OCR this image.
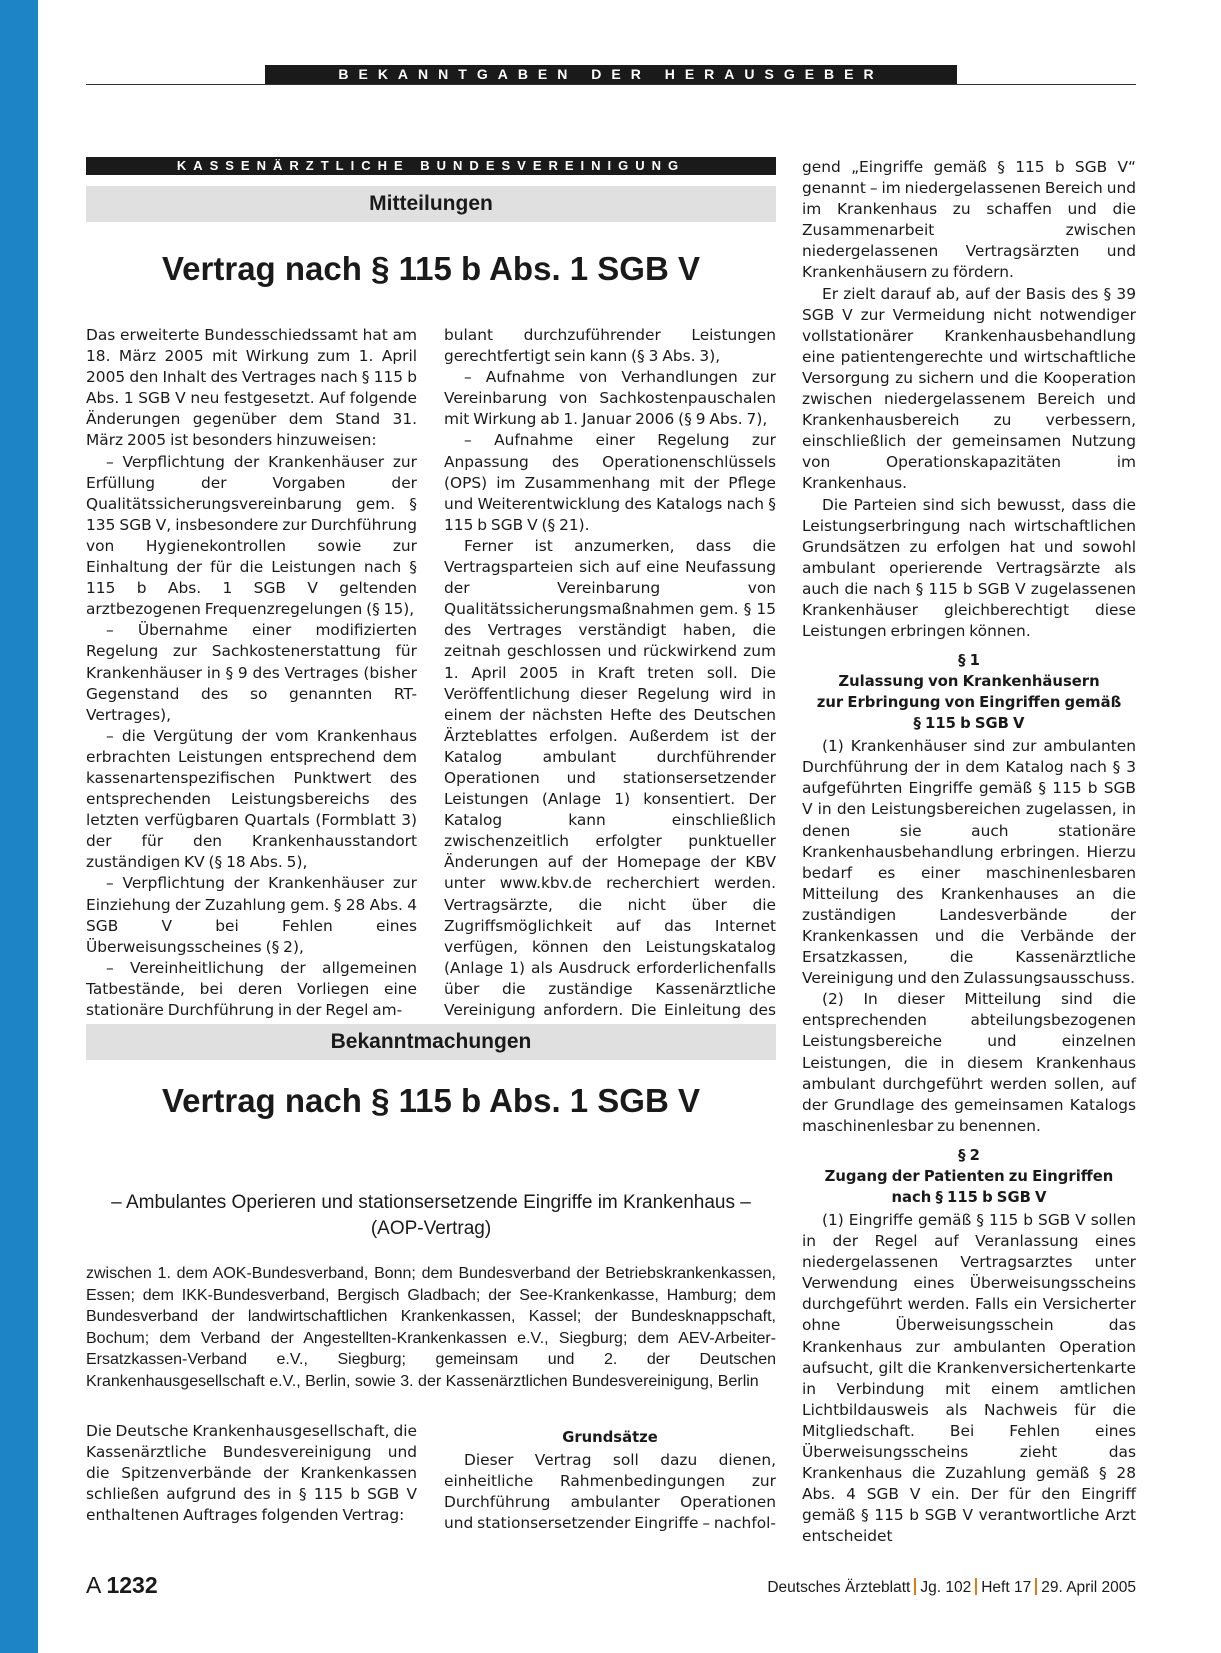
BEKANNTGABEN DER HERAUSGEBER
KASSENÄRZTLICHE BUNDESVEREINIGUNG
Mitteilungen
Vertrag nach § 115 b Abs. 1 SGB V

Das erweiterte Bundesschiedssamt hat am 18. März 2005 mit Wirkung zum 1. April 2005 den Inhalt des Vertrages nach § 115 b Abs. 1 SGB V neu festgesetzt. Auf folgende Änderungen gegenüber dem Stand 31. März 2005 ist besonders hinzuweisen:

– Verpflichtung der Krankenhäuser zur Erfüllung der Vorgaben der Qualitätssicherungsvereinbarung gem. § 135 SGB V, insbesondere zur Durchführung von Hygienekontrollen sowie zur Einhaltung der für die Leistungen nach § 115 b Abs. 1 SGB V geltenden arztbezogenen Frequenzregelungen (§ 15),

– Übernahme einer modifizierten Regelung zur Sachkostenerstattung für Krankenhäuser in § 9 des Vertrages (bisher Gegenstand des so genannten RT-Vertrages),

– die Vergütung der vom Krankenhaus erbrachten Leistungen entsprechend dem kassenartenspezifischen Punktwert des entsprechenden Leistungsbereichs des letzten verfügbaren Quartals (Formblatt 3) der für den Krankenhausstandort zuständigen KV (§ 18 Abs. 5),

– Verpflichtung der Krankenhäuser zur Einziehung der Zuzahlung gem. § 28 Abs. 4 SGB V bei Fehlen eines Überweisungsscheines (§ 2),

– Vereinheitlichung der allgemeinen Tatbestände, bei deren Vorliegen eine stationäre Durchführung in der Regel am-

bulant durchzuführender Leistungen gerechtfertigt sein kann (§ 3 Abs. 3),

– Aufnahme von Verhandlungen zur Vereinbarung von Sachkostenpauschalen mit Wirkung ab 1. Januar 2006 (§ 9 Abs. 7),

– Aufnahme einer Regelung zur Anpassung des Operationenschlüssels (OPS) im Zusammenhang mit der Pflege und Weiterentwicklung des Katalogs nach § 115 b SGB V (§ 21).

Ferner ist anzumerken, dass die Vertragsparteien sich auf eine Neufassung der Vereinbarung von Qualitätssicherungsmaßnahmen gem. § 15 des Vertrages verständigt haben, die zeitnah geschlossen und rückwirkend zum 1. April 2005 in Kraft treten soll. Die Veröffentlichung dieser Regelung wird in einem der nächsten Hefte des Deutschen Ärzteblattes erfolgen. Außerdem ist der Katalog ambulant durchführender Operationen und stationsersetzender Leistungen (Anlage 1) konsentiert. Der Katalog kann einschließlich zwischenzeitlich erfolgter punktueller Änderungen auf der Homepage der KBV unter www.kbv.de recherchiert werden. Vertragsärzte, die nicht über die Zugriffsmöglichkeit auf das Internet verfügen, können den Leistungskatalog (Anlage 1) als Ausdruck erforderlichenfalls über die zuständige Kassenärztliche Vereinigung anfordern. Die Einleitung des

Bekanntmachungen
Vertrag nach § 115 b Abs. 1 SGB V
– Ambulantes Operieren und stationsersetzende Eingriffe im Krankenhaus –
(AOP-Vertrag)
zwischen 1. dem AOK-Bundesverband, Bonn; dem Bundesverband der Betriebskrankenkassen, Essen; dem IKK-Bundesverband, Bergisch Gladbach; der See-Krankenkasse, Hamburg; dem Bundesverband der landwirtschaftlichen Krankenkassen, Kassel; der Bundesknappschaft, Bochum; dem Verband der Angestellten-Krankenkassen e.V., Siegburg; dem AEV-Arbeiter-Ersatzkassen-Verband e.V., Siegburg; gemeinsam und 2. der Deutschen Krankenhausgesellschaft e.V., Berlin, sowie 3. der Kassenärztlichen Bundesvereinigung, Berlin

Die Deutsche Krankenhausgesellschaft, die Kassenärztliche Bundesvereinigung und die Spitzenverbände der Krankenkassen schließen aufgrund des in § 115 b SGB V enthaltenen Auftrages folgenden Vertrag:

Grundsätze

Dieser Vertrag soll dazu dienen, einheitliche Rahmenbedingungen zur Durchführung ambulanter Operationen und stationsersetzender Eingriffe – nachfol-

gend „Eingriffe gemäß § 115 b SGB V“ genannt – im niedergelassenen Bereich und im Krankenhaus zu schaffen und die Zusammenarbeit zwischen niedergelassenen Vertragsärzten und Krankenhäusern zu fördern.

Er zielt darauf ab, auf der Basis des § 39 SGB V zur Vermeidung nicht notwendiger vollstationärer Krankenhausbehandlung eine patientengerechte und wirtschaftliche Versorgung zu sichern und die Kooperation zwischen niedergelassenem Bereich und Krankenhausbereich zu verbessern, einschließlich der gemeinsamen Nutzung von Operationskapazitäten im Krankenhaus.

Die Parteien sind sich bewusst, dass die Leistungserbringung nach wirtschaftlichen Grundsätzen zu erfolgen hat und sowohl ambulant operierende Vertragsärzte als auch die nach § 115 b SGB V zugelassenen Krankenhäuser gleichberechtigt diese Leistungen erbringen können.

§ 1
Zulassung von Krankenhäusern
zur Erbringung von Eingriffen gemäß
§ 115 b SGB V

(1) Krankenhäuser sind zur ambulanten Durchführung der in dem Katalog nach § 3 aufgeführten Eingriffe gemäß § 115 b SGB V in den Leistungsbereichen zugelassen, in denen sie auch stationäre Krankenhausbehandlung erbringen. Hierzu bedarf es einer maschinenlesbaren Mitteilung des Krankenhauses an die zuständigen Landesverbände der Krankenkassen und die Verbände der Ersatzkassen, die Kassenärztliche Vereinigung und den Zulassungsausschuss.

(2) In dieser Mitteilung sind die entsprechenden abteilungsbezogenen Leistungsbereiche und einzelnen Leistungen, die in diesem Krankenhaus ambulant durchgeführt werden sollen, auf der Grundlage des gemeinsamen Katalogs maschinenlesbar zu benennen.

§ 2
Zugang der Patienten zu Eingriffen
nach § 115 b SGB V

(1) Eingriffe gemäß § 115 b SGB V sollen in der Regel auf Veranlassung eines niedergelassenen Vertragsarztes unter Verwendung eines Überweisungsscheins durchgeführt werden. Falls ein Versicherter ohne Überweisungsschein das Krankenhaus zur ambulanten Operation aufsucht, gilt die Krankenversichertenkarte in Verbindung mit einem amtlichen Lichtbildausweis als Nachweis für die Mitgliedschaft. Bei Fehlen eines Überweisungsscheins zieht das Krankenhaus die Zuzahlung gemäß § 28 Abs. 4 SGB V ein. Der für den Eingriff gemäß § 115 b SGB V verantwortliche Arzt entscheidet

A 1232	Deutsches Ärzteblatt Jg. 102 Heft 17 29. April 2005
